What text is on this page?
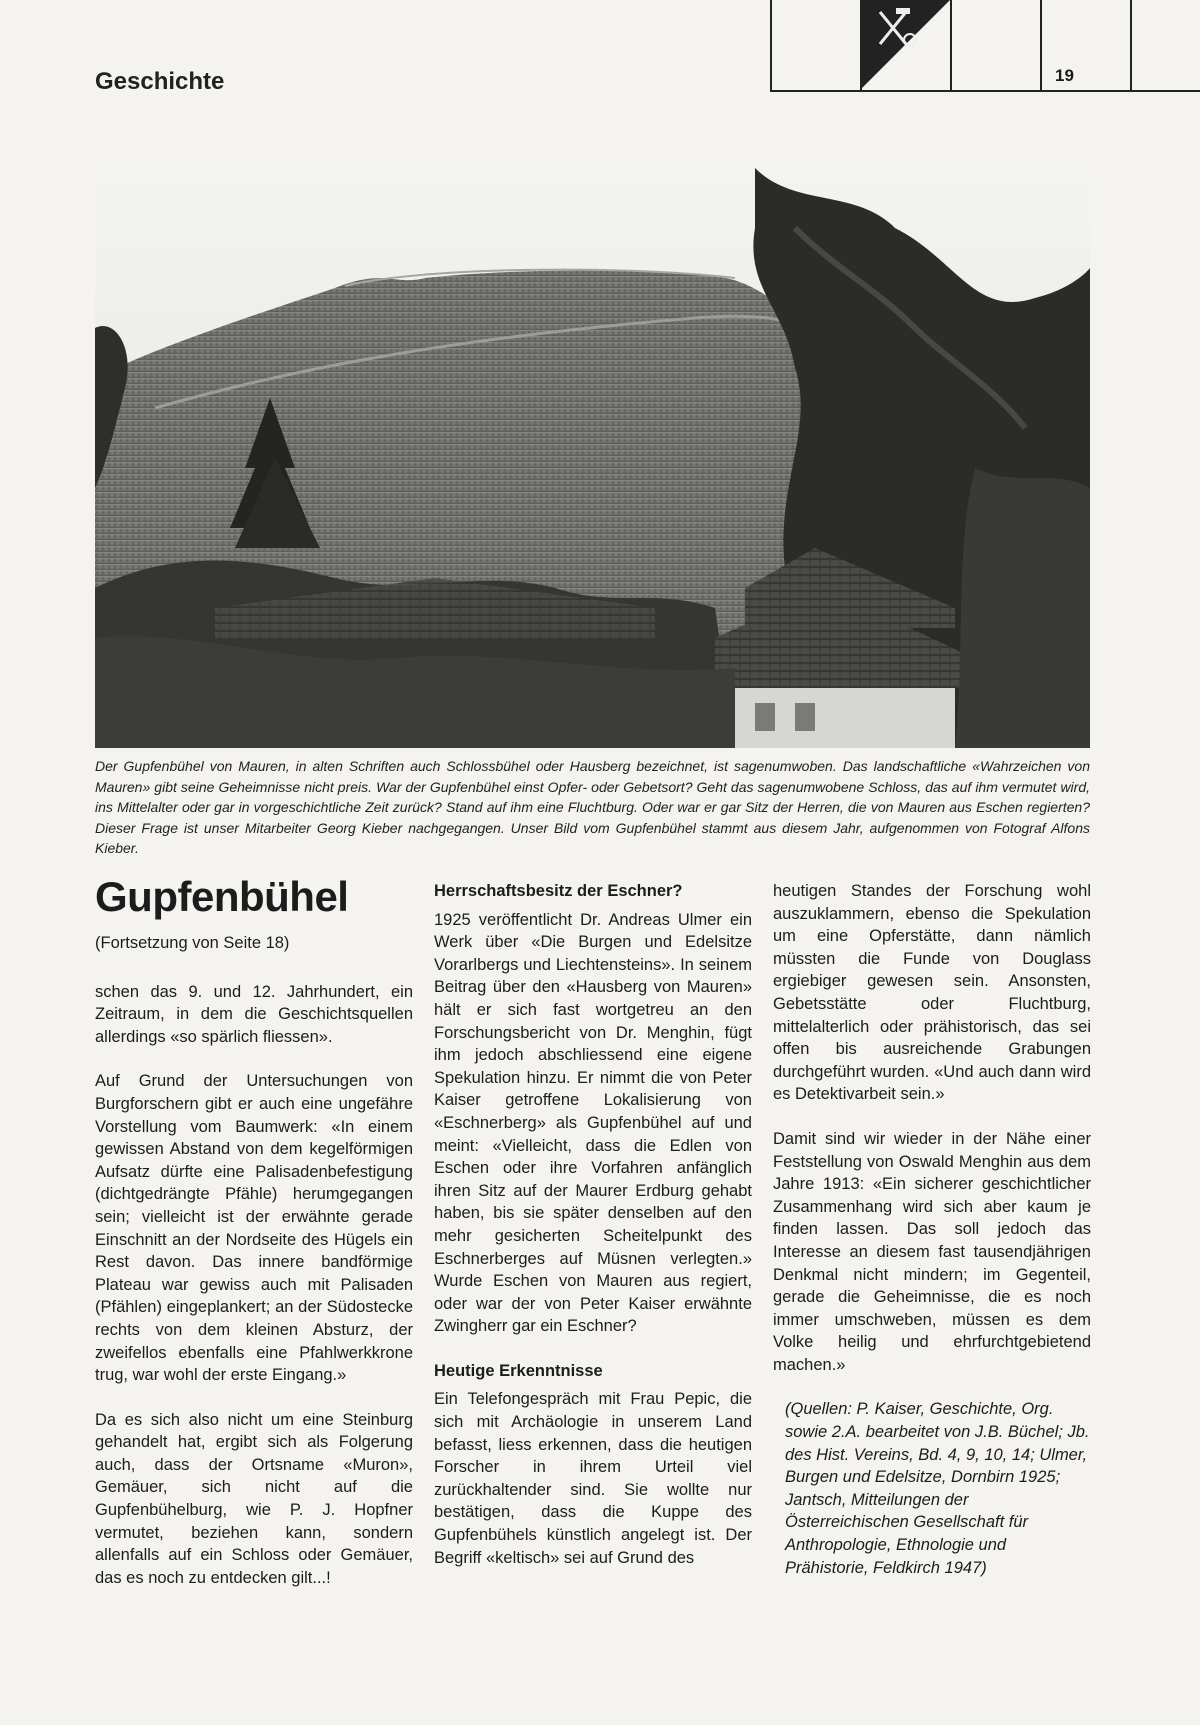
Geschichte	19
Der Gupfenbühel von Mauren, in alten Schriften auch Schlossbühel oder Hausberg bezeichnet, ist sagenumwoben. Das landschaftliche «Wahrzeichen von Mauren» gibt seine Geheimnisse nicht preis. War der Gupfenbühel einst Opfer- oder Gebetsort? Geht das sagenumwobene Schloss, das auf ihm vermutet wird, ins Mittelalter oder gar in vorgeschichtliche Zeit zurück? Stand auf ihm eine Fluchtburg. Oder war er gar Sitz der Herren, die von Mauren aus Eschen regierten? Dieser Frage ist unser Mitarbeiter Georg Kieber nachgegangen. Unser Bild vom Gupfenbühel stammt aus diesem Jahr, aufgenommen von Fotograf Alfons Kieber.
Gupfenbühel
(Fortsetzung von Seite 18)

schen das 9. und 12. Jahrhundert, ein Zeitraum, in dem die Geschichtsquellen allerdings «so spärlich fliessen».

Auf Grund der Untersuchungen von Burgforschern gibt er auch eine ungefähre Vorstellung vom Baumwerk: «In einem gewissen Abstand von dem kegelförmigen Aufsatz dürfte eine Palisadenbefestigung (dichtgedrängte Pfähle) herumgegangen sein; vielleicht ist der erwähnte gerade Einschnitt an der Nordseite des Hügels ein Rest davon. Das innere bandförmige Plateau war gewiss auch mit Palisaden (Pfählen) eingeplankert; an der Südostecke rechts von dem kleinen Absturz, der zweifellos ebenfalls eine Pfahlwerkkrone trug, war wohl der erste Eingang.»

Da es sich also nicht um eine Steinburg gehandelt hat, ergibt sich als Folgerung auch, dass der Ortsname «Muron», Gemäuer, sich nicht auf die Gupfenbühelburg, wie P. J. Hopfner vermutet, beziehen kann, sondern allenfalls auf ein Schloss oder Gemäuer, das es noch zu entdecken gilt...!

Herrschaftsbesitz der Eschner?

1925 veröffentlicht Dr. Andreas Ulmer ein Werk über «Die Burgen und Edelsitze Vorarlbergs und Liechtensteins». In seinem Beitrag über den «Hausberg von Mauren» hält er sich fast wortgetreu an den Forschungsbericht von Dr. Menghin, fügt ihm jedoch abschliessend eine eigene Spekulation hinzu. Er nimmt die von Peter Kaiser getroffene Lokalisierung von «Eschnerberg» als Gupfenbühel auf und meint: «Vielleicht, dass die Edlen von Eschen oder ihre Vorfahren anfänglich ihren Sitz auf der Maurer Erdburg gehabt haben, bis sie später denselben auf den mehr gesicherten Scheitelpunkt des Eschnerberges auf Müsnen verlegten.» Wurde Eschen von Mauren aus regiert, oder war der von Peter Kaiser erwähnte Zwingherr gar ein Eschner?

Heutige Erkenntnisse

Ein Telefongespräch mit Frau Pepic, die sich mit Archäologie in unserem Land befasst, liess erkennen, dass die heutigen Forscher in ihrem Urteil viel zurückhaltender sind. Sie wollte nur bestätigen, dass die Kuppe des Gupfenbühels künstlich angelegt ist. Der Begriff «keltisch» sei auf Grund des

heutigen Standes der Forschung wohl auszuklammern, ebenso die Spekulation um eine Opferstätte, dann nämlich müssten die Funde von Douglass ergiebiger gewesen sein. Ansonsten, Gebetsstätte oder Fluchtburg, mittelalterlich oder prähistorisch, das sei offen bis ausreichende Grabungen durchgeführt wurden. «Und auch dann wird es Detektivarbeit sein.»

Damit sind wir wieder in der Nähe einer Feststellung von Oswald Menghin aus dem Jahre 1913: «Ein sicherer geschichtlicher Zusammenhang wird sich aber kaum je finden lassen. Das soll jedoch das Interesse an diesem fast tausendjährigen Denkmal nicht mindern; im Gegenteil, gerade die Geheimnisse, die es noch immer umschweben, müssen es dem Volke heilig und ehrfurchtgebietend machen.»

(Quellen: P. Kaiser, Geschichte, Org. sowie 2.A. bearbeitet von J.B. Büchel; Jb. des Hist. Vereins, Bd. 4, 9, 10, 14; Ulmer, Burgen und Edelsitze, Dornbirn 1925; Jantsch, Mitteilungen der Österreichischen Gesellschaft für Anthropologie, Ethnologie und Prähistorie, Feldkirch 1947)
